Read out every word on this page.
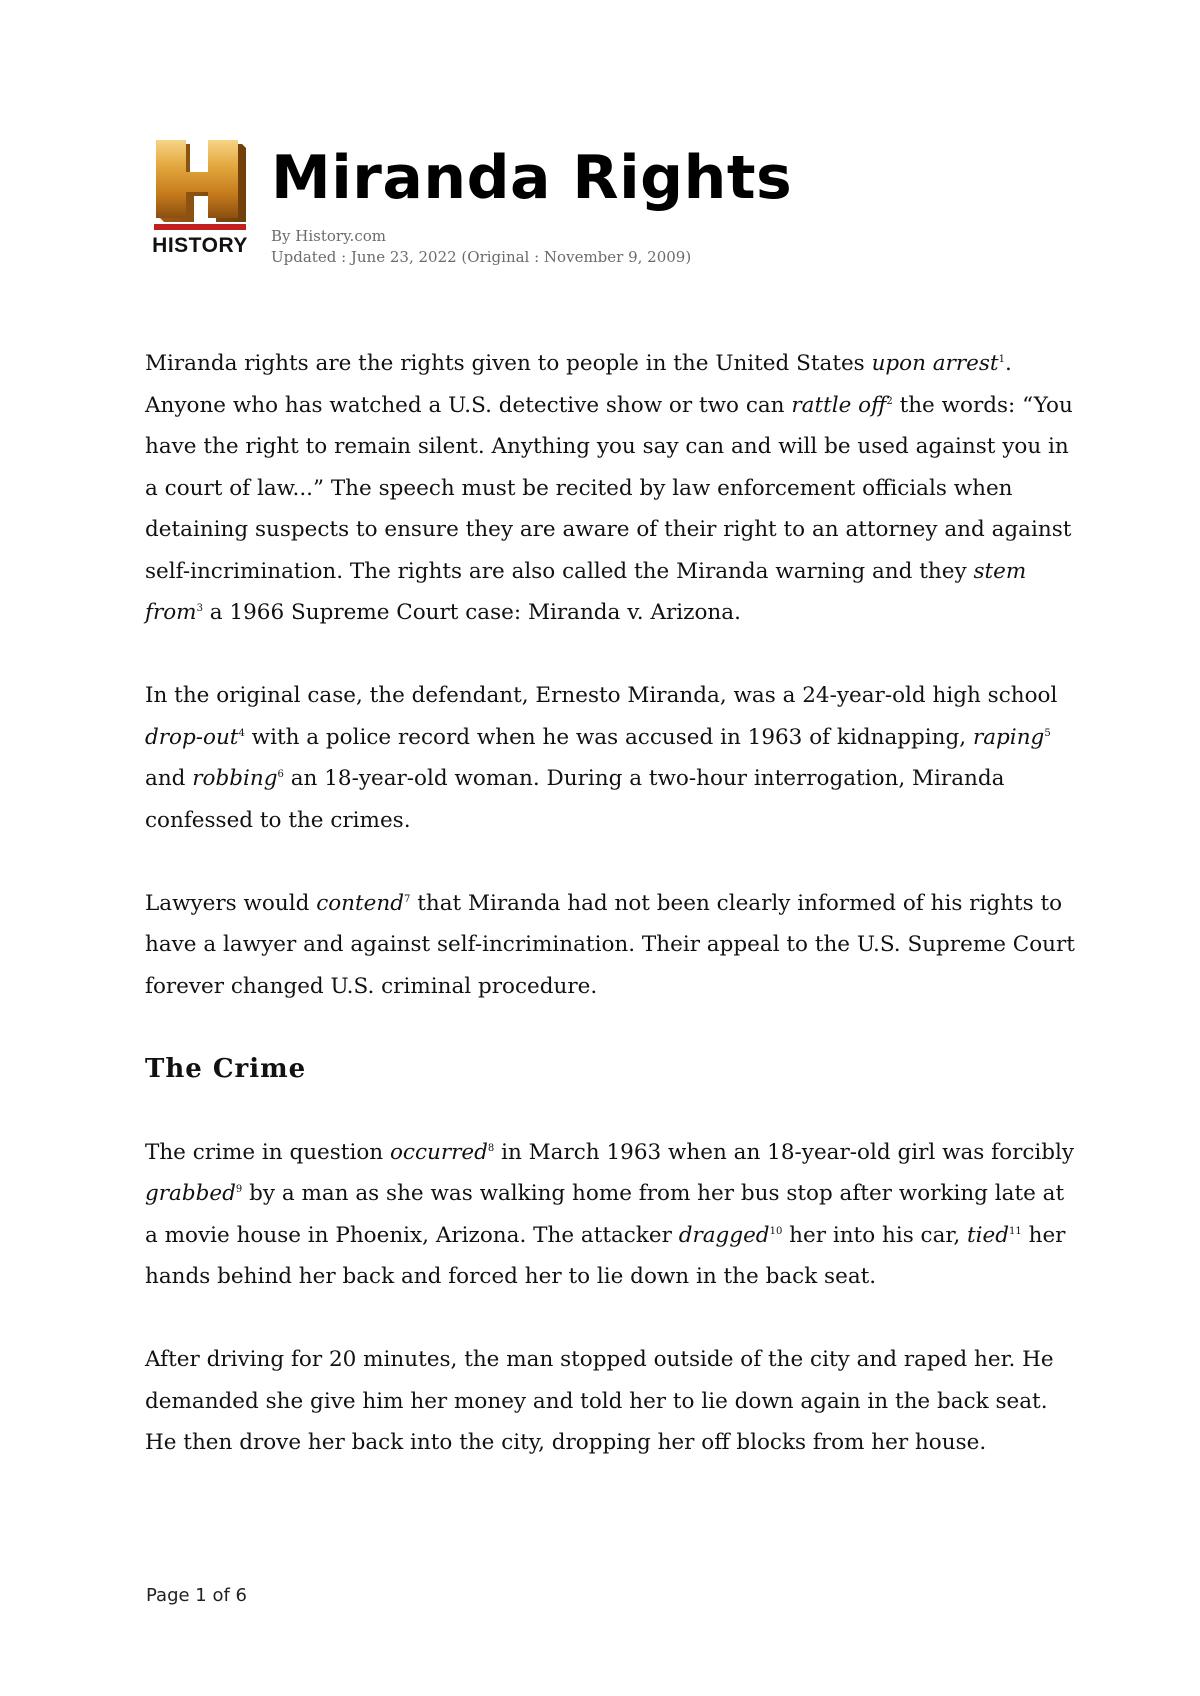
HISTORY
Miranda Rights
By History.com
Updated : June 23, 2022 (Original : November 9, 2009)

Miranda rights are the rights given to people in the United States upon arrest$^1$. Anyone who has watched a U.S. detective show or two can rattle off$^2$ the words: “You have the right to remain silent. Anything you say can and will be used against you in a court of law...” The speech must be recited by law enforcement officials when detaining suspects to ensure they are aware of their right to an attorney and against self-incrimination. The rights are also called the Miranda warning and they stem from$^3$ a 1966 Supreme Court case: Miranda v. Arizona.

In the original case, the defendant, Ernesto Miranda, was a 24-year-old high school drop-out$^4$ with a police record when he was accused in 1963 of kidnapping, raping$^5$ and robbing$^6$ an 18-year-old woman. During a two-hour interrogation, Miranda confessed to the crimes.

Lawyers would contend$^7$ that Miranda had not been clearly informed of his rights to have a lawyer and against self-incrimination. Their appeal to the U.S. Supreme Court forever changed U.S. criminal procedure.

The Crime

The crime in question occurred$^8$ in March 1963 when an 18-year-old girl was forcibly grabbed$^9$ by a man as she was walking home from her bus stop after working late at a movie house in Phoenix, Arizona. The attacker dragged$^{10}$ her into his car, tied$^{11}$ her hands behind her back and forced her to lie down in the back seat.

After driving for 20 minutes, the man stopped outside of the city and raped her. He demanded she give him her money and told her to lie down again in the back seat. He then drove her back into the city, dropping her off blocks from her house.

Page 1 of 6
